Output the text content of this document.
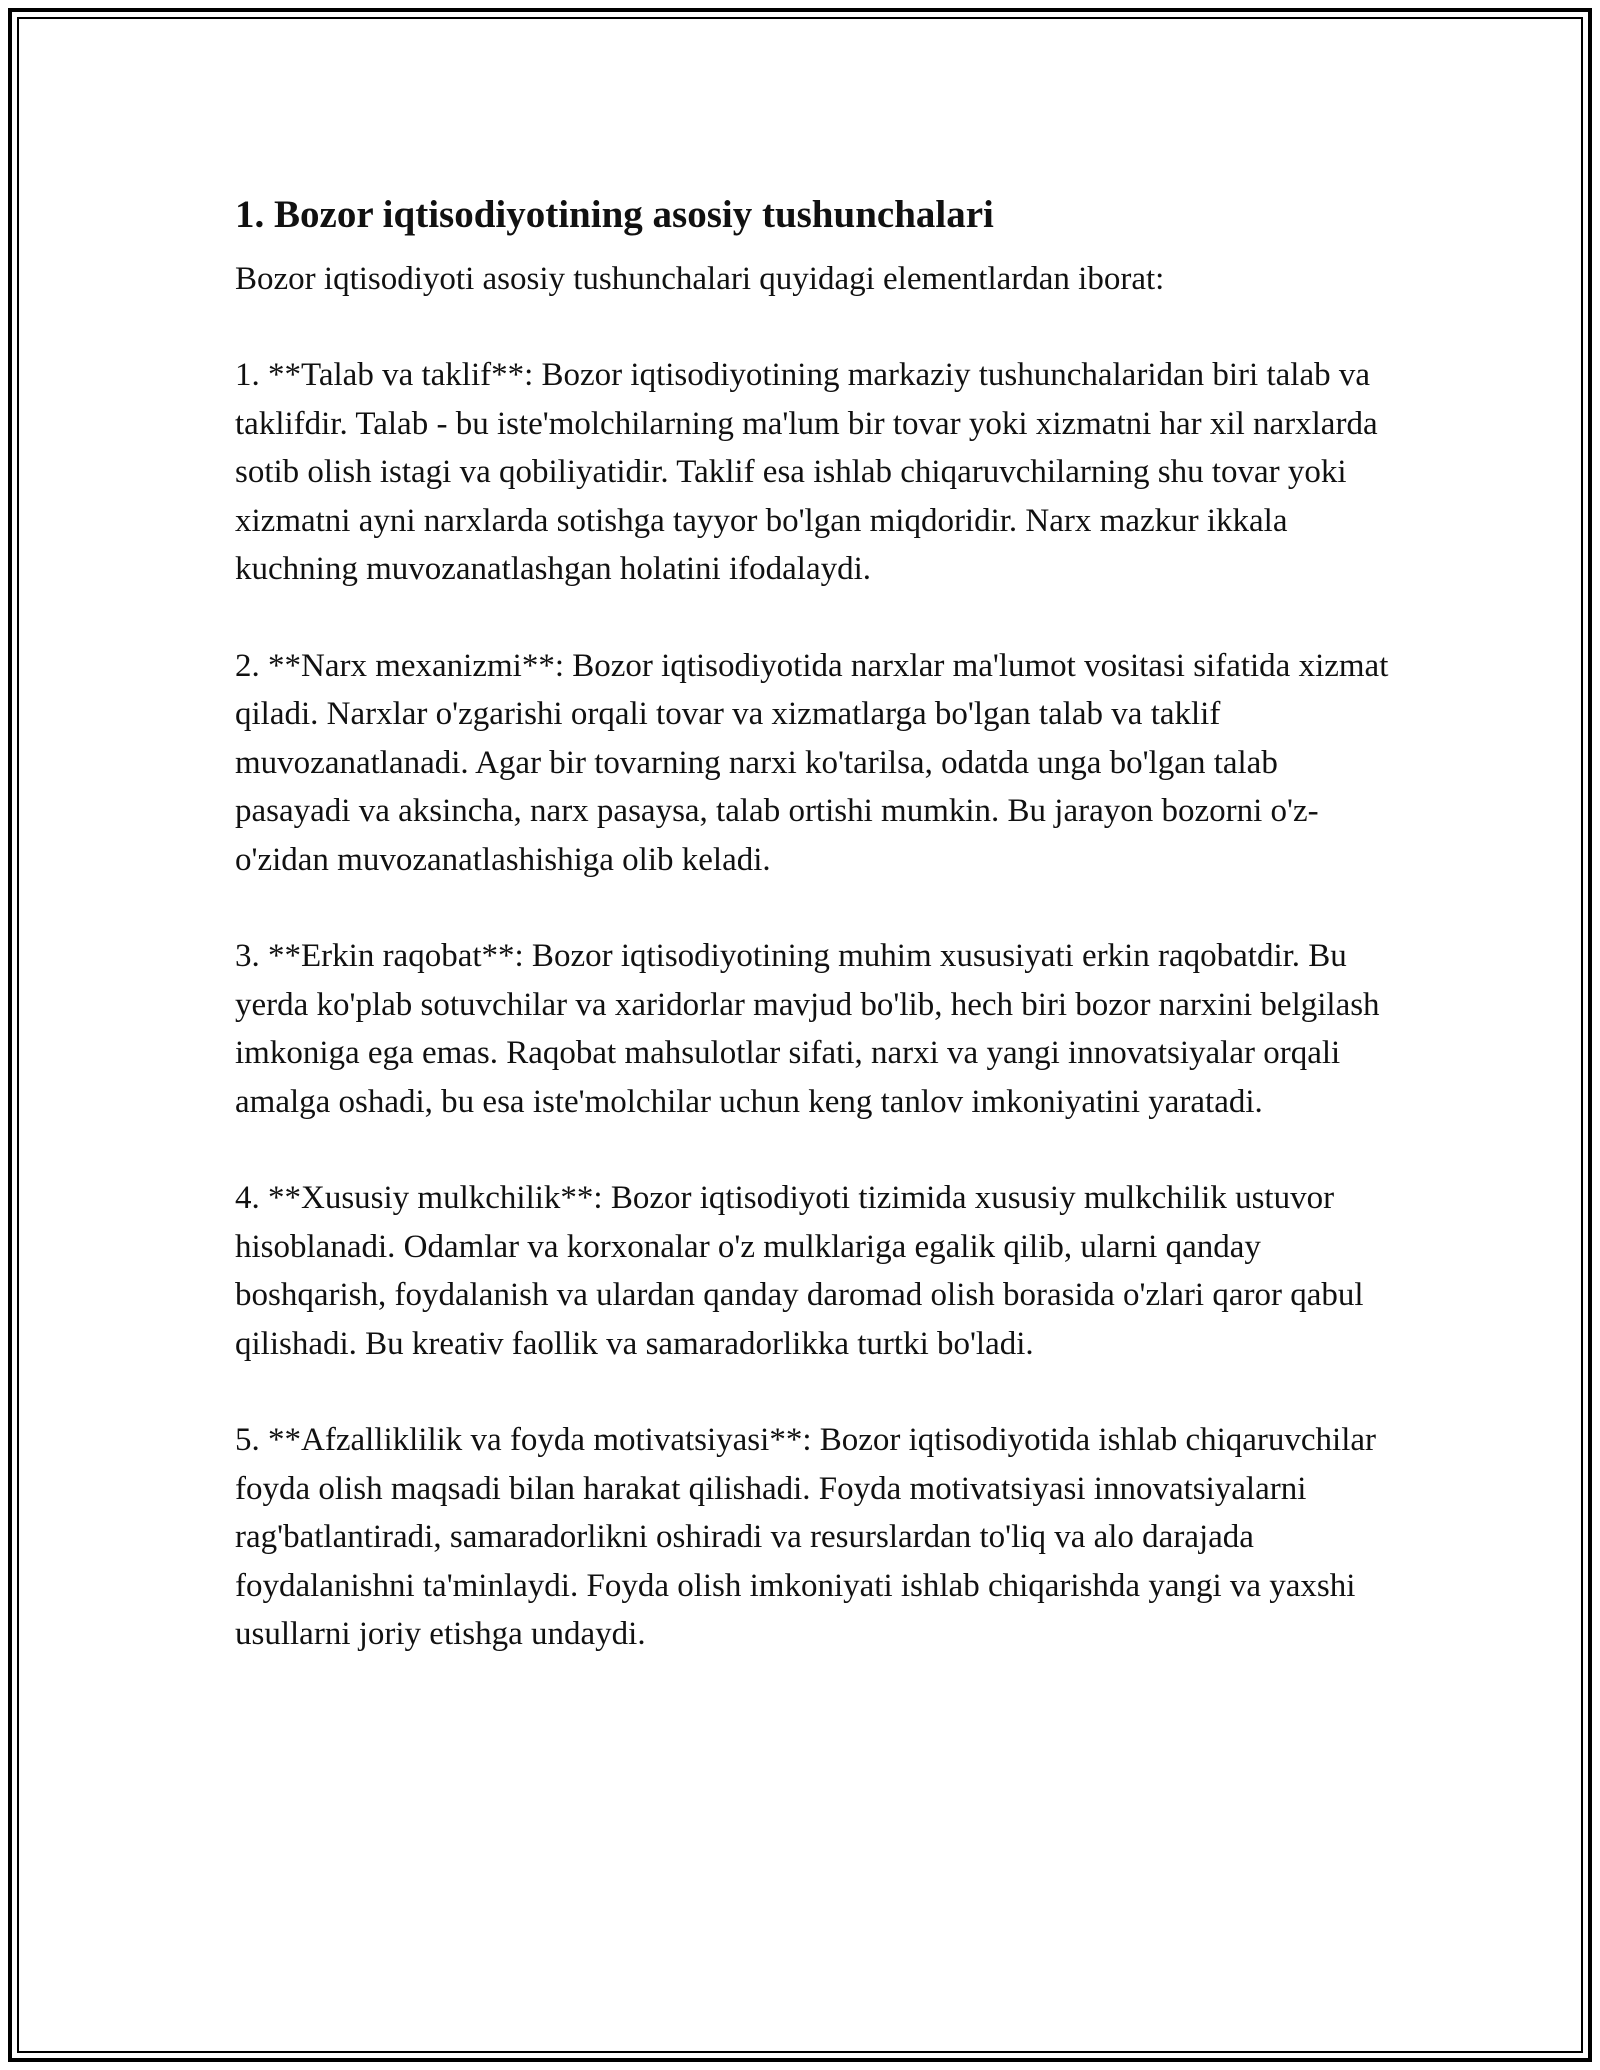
1. Bozor iqtisodiyotining asosiy tushunchalari

Bozor iqtisodiyoti asosiy tushunchalari quyidagi elementlardan iborat:

1. **Talab va taklif**: Bozor iqtisodiyotining markaziy tushunchalaridan biri talab va taklifdir. Talab - bu iste'molchilarning ma'lum bir tovar yoki xizmatni har xil narxlarda sotib olish istagi va qobiliyatidir. Taklif esa ishlab chiqaruvchilarning shu tovar yoki xizmatni ayni narxlarda sotishga tayyor bo'lgan miqdoridir. Narx mazkur ikkala kuchning muvozanatlashgan holatini ifodalaydi.

2. **Narx mexanizmi**: Bozor iqtisodiyotida narxlar ma'lumot vositasi sifatida xizmat qiladi. Narxlar o'zgarishi orqali tovar va xizmatlarga bo'lgan talab va taklif muvozanatlanadi. Agar bir tovarning narxi ko'tarilsa, odatda unga bo'lgan talab pasayadi va aksincha, narx pasaysa, talab ortishi mumkin. Bu jarayon bozorni o'z-o'zidan muvozanatlashishiga olib keladi.

3. **Erkin raqobat**: Bozor iqtisodiyotining muhim xususiyati erkin raqobatdir. Bu yerda ko'plab sotuvchilar va xaridorlar mavjud bo'lib, hech biri bozor narxini belgilash imkoniga ega emas. Raqobat mahsulotlar sifati, narxi va yangi innovatsiyalar orqali amalga oshadi, bu esa iste'molchilar uchun keng tanlov imkoniyatini yaratadi.

4. **Xususiy mulkchilik**: Bozor iqtisodiyoti tizimida xususiy mulkchilik ustuvor hisoblanadi. Odamlar va korxonalar o'z mulklariga egalik qilib, ularni qanday boshqarish, foydalanish va ulardan qanday daromad olish borasida o'zlari qaror qabul qilishadi. Bu kreativ faollik va samaradorlikka turtki bo'ladi.

5. **Afzalliklilik va foyda motivatsiyasi**: Bozor iqtisodiyotida ishlab chiqaruvchilar foyda olish maqsadi bilan harakat qilishadi. Foyda motivatsiyasi innovatsiyalarni rag'batlantiradi, samaradorlikni oshiradi va resurslardan to'liq va alo darajada foydalanishni ta'minlaydi. Foyda olish imkoniyati ishlab chiqarishda yangi va yaxshi usullarni joriy etishga undaydi.
